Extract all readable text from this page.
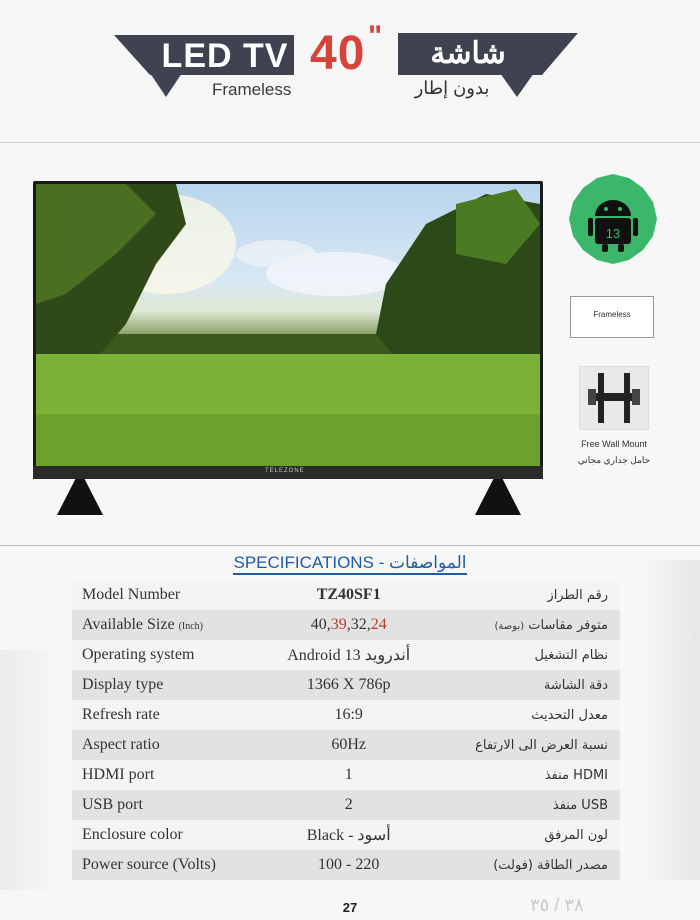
LED TV
Frameless
40 "
شاشة
بدون إطار
TELEZONE
13
Frameless
Free Wall Mount
حامل جداري مجاني
SPECIFICATIONS - المواصفات
Model Number	TZ40SF1	رقم الطراز
Available Size (Inch)	40,39,32,24	(بوصة) متوفر مقاسات
Operating system	Android 13 أندرويد	نظام التشغيل
Display type	1366 X 786p	دقة الشاشة
Refresh rate	16:9	معدل التحديث
Aspect ratio	60Hz	نسبة العرض الى الارتفاع
HDMI port	1	منفذ HDMI
USB port	2	منفذ USB
Enclosure color	Black - أسود	لون المرفق
Power source (Volts)	100 - 220	مصدر الطاقة (فولت)
27	٣٨ / ٣٥
